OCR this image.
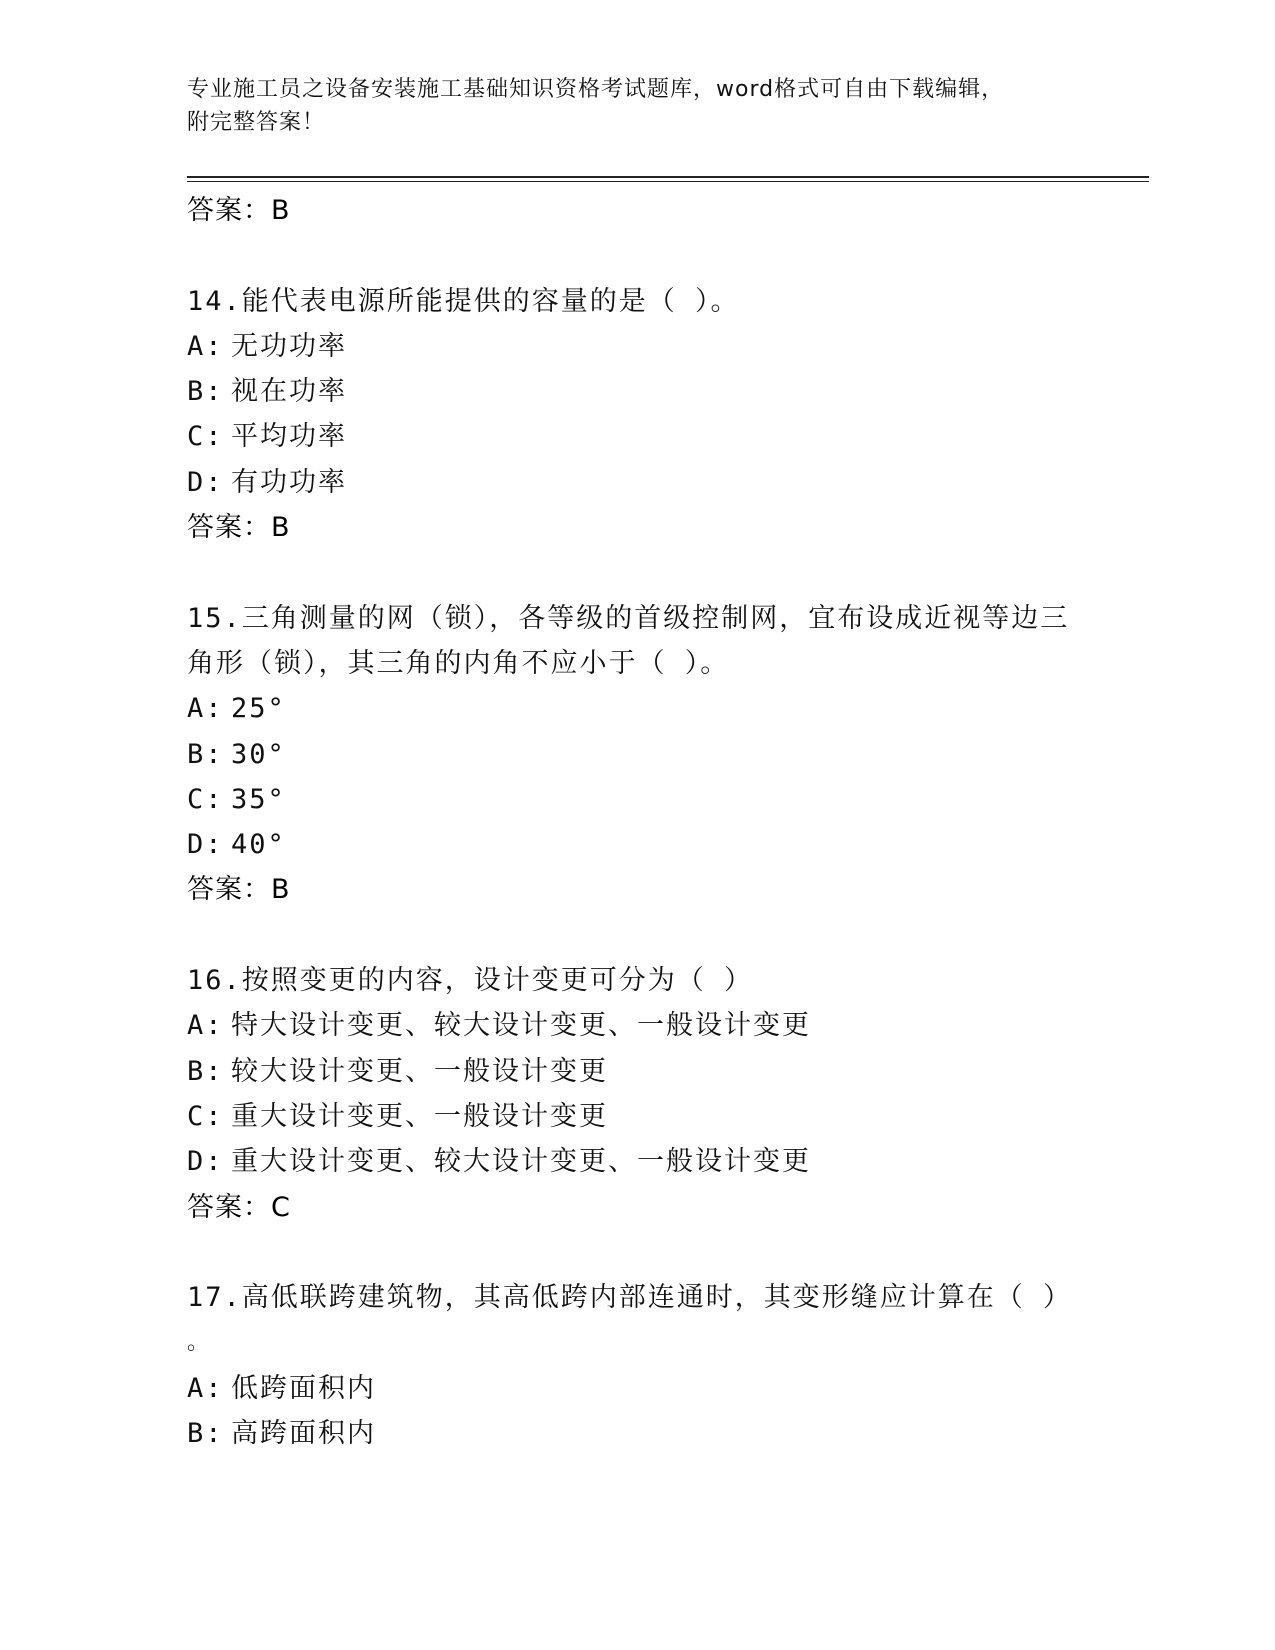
专业施工员之设备安装施工基础知识资格考试题库，word格式可自由下载编辑，
附完整答案！
答案：B
14.能代表电源所能提供的容量的是（ ）。
A: 无功功率
B: 视在功率
C: 平均功率
D: 有功功率
答案：B
15.三角测量的网（锁），各等级的首级控制网，宜布设成近视等边三
角形（锁），其三角的内角不应小于（ ）。
A: 25°
B: 30°
C: 35°
D: 40°
答案：B
16.按照变更的内容，设计变更可分为（ ）
A: 特大设计变更、较大设计变更、一般设计变更
B: 较大设计变更、一般设计变更
C: 重大设计变更、一般设计变更
D: 重大设计变更、较大设计变更、一般设计变更
答案：C
17.高低联跨建筑物，其高低跨内部连通时，其变形缝应计算在（ ）
。
A: 低跨面积内
B: 高跨面积内
